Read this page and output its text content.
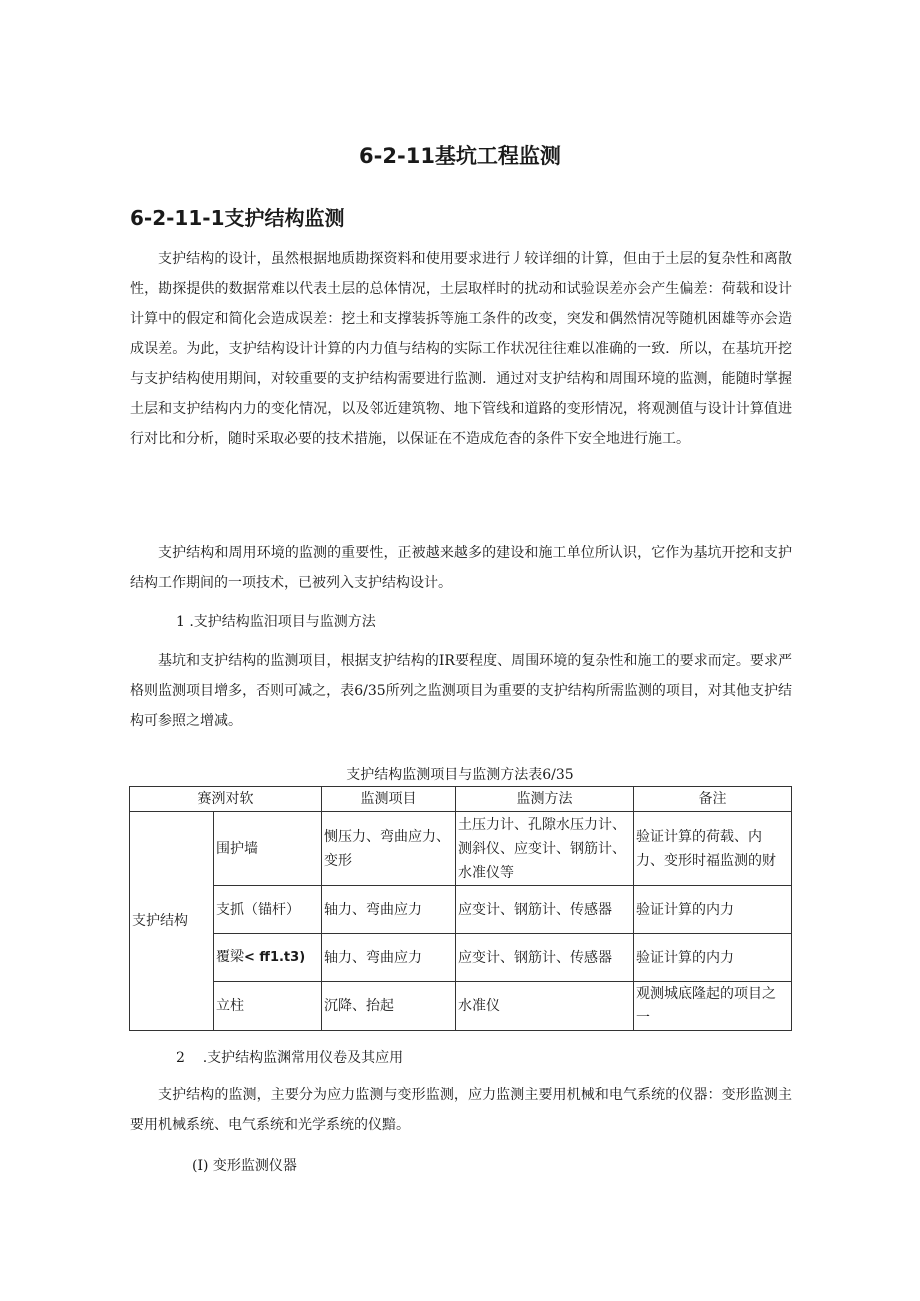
6-2-11基坑工程监测
6-2-11-1支护结构监测

支护结构的设计，虽然根据地质勘探资料和使用要求进行丿较详细的计算，但由于土层的复杂性和离散性，勘探提供的数据常难以代表土层的总体情况，土层取样时的扰动和试验误差亦会产生偏差：荷载和设计计算中的假定和简化会造成误差：挖土和支撑装拆等施工条件的改变，突发和偶然情况等随机困雄等亦会造成误差。为此，支护结构设计计算的内力值与结构的实际工作状况往往难以准确的一致．所以，在基坑开挖与支护结构使用期间，对较重要的支护结构需要进行监测．通过对支护结构和周围环境的监测，能随时掌握土层和支护结构内力的变化情况，以及邻近建筑物、地下管线和道路的变形情况，将观测值与设计计算值进行对比和分析，随时采取必要的技术措施，以保证在不造成危杳的条件下安全地进行施工。

支护结构和周用环境的监测的重要性，正被越来越多的建设和施工单位所认识，它作为基坑开挖和支护结构工作期间的一项技术，已被列入支护结构设计。

1 .支护结构监汨项目与监测方法

基坑和支护结构的监测项目，根据支护结构的IR要程度、周围环境的复杂性和施工的要求而定。要求严格则监测项目增多，否则可减之，表6/35所列之监测项目为重要的支护结构所需监测的项目，对其他支护结构可参照之增减。

支护结构监测项目与监测方法表6/35
赛洌对软		监测项目	监测方法	备注
支护结构	围护墙	恻压力、弯曲应力、变形	土压力计、孔隙水压力计、测斜仪、应变计、钢筋计、水准仪等	验证计算的荷载、内力、变形时福监测的财
	支抓（锚杆）	轴力、弯曲应力	应变计、钢筋计、传感器	验证计算的内力
	覆梁< ff1.t3)	轴力、弯曲应力	应变计、钢筋计、传感器	验证计算的内力
	立柱	沉降、抬起	水准仪	观测城底隆起的项目之一
2    .支护结构监渊常用仪卷及其应用

支护结构的监测，主要分为应力监测与变形监测，应力监测主要用机械和电气系统的仪器：变形监测主要用机械系统、电气系统和光学系统的仪黯。

(I) 变形监测仪器
